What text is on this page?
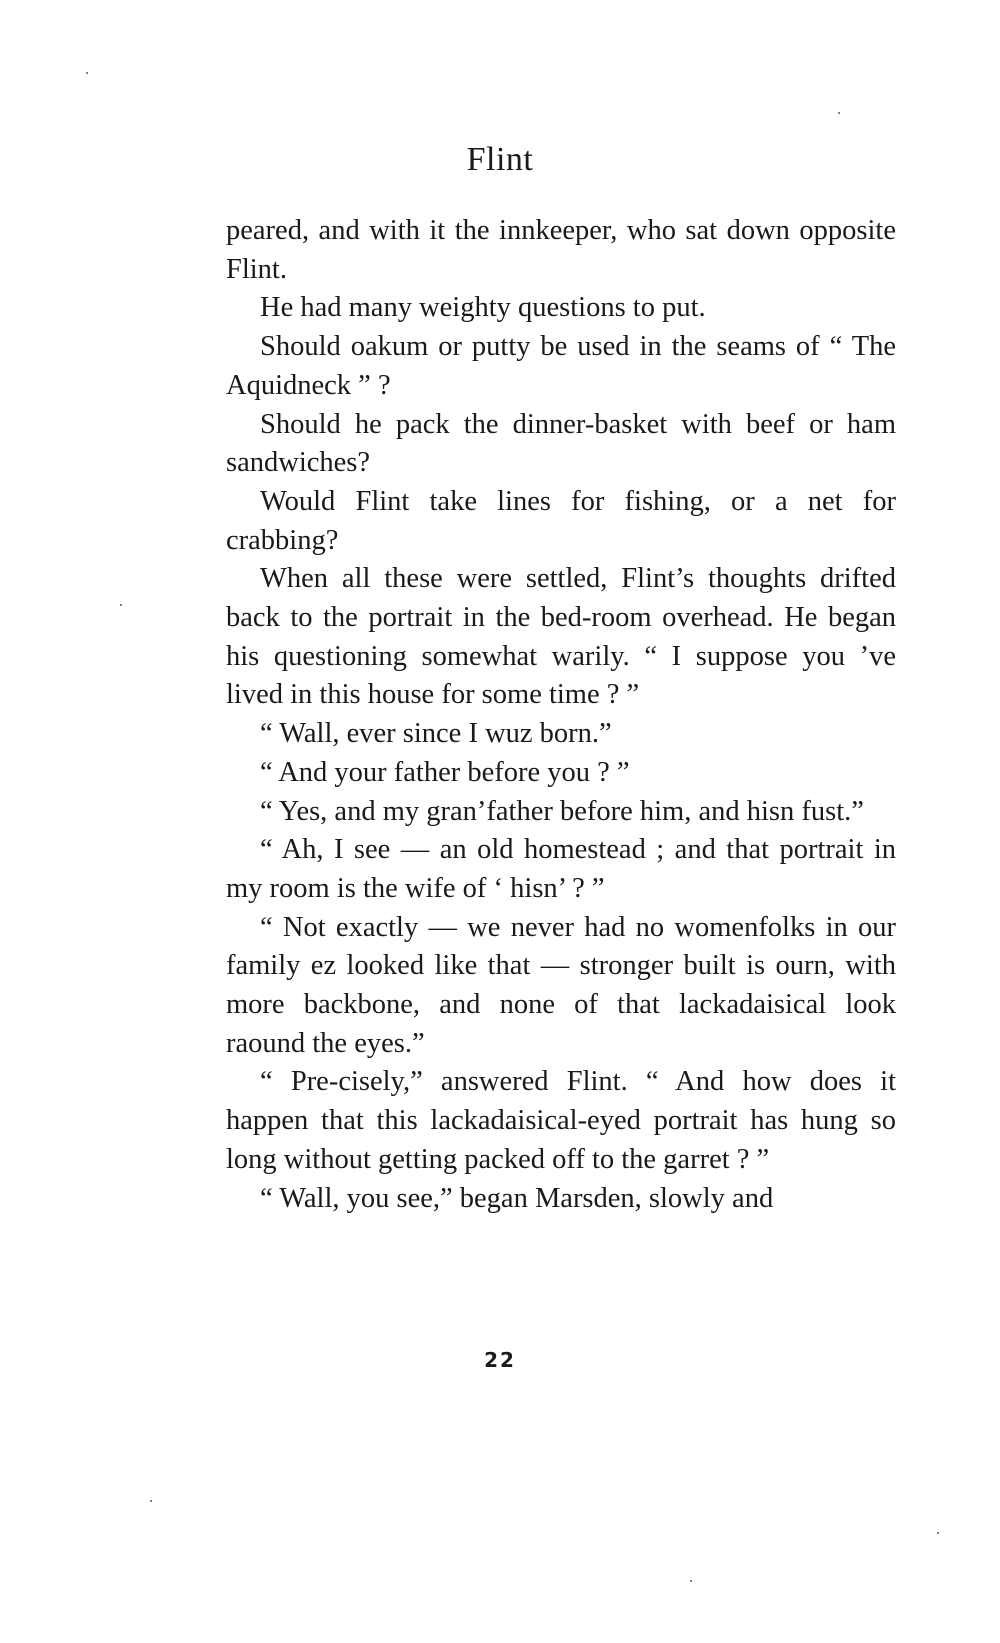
Flint

peared, and with it the innkeeper, who sat down opposite Flint.

He had many weighty questions to put.

Should oakum or putty be used in the seams of “ The Aquidneck ” ?

Should he pack the dinner-basket with beef or ham sandwiches?

Would Flint take lines for fishing, or a net for crabbing?

When all these were settled, Flint’s thoughts drifted back to the portrait in the bed-room overhead. He began his questioning somewhat warily. “ I suppose you ’ve lived in this house for some time ? ”

“ Wall, ever since I wuz born.”

“ And your father before you ? ”

“ Yes, and my gran’father before him, and hisn fust.”

“ Ah, I see — an old homestead ; and that portrait in my room is the wife of ‘ hisn’ ? ”

“ Not exactly — we never had no womenfolks in our family ez looked like that — stronger built is ourn, with more backbone, and none of that lackadaisical look raound the eyes.”

“ Pre-cisely,” answered Flint. “ And how does it happen that this lackadaisical-eyed portrait has hung so long without getting packed off to the garret ? ”

“ Wall, you see,” began Marsden, slowly and

22
